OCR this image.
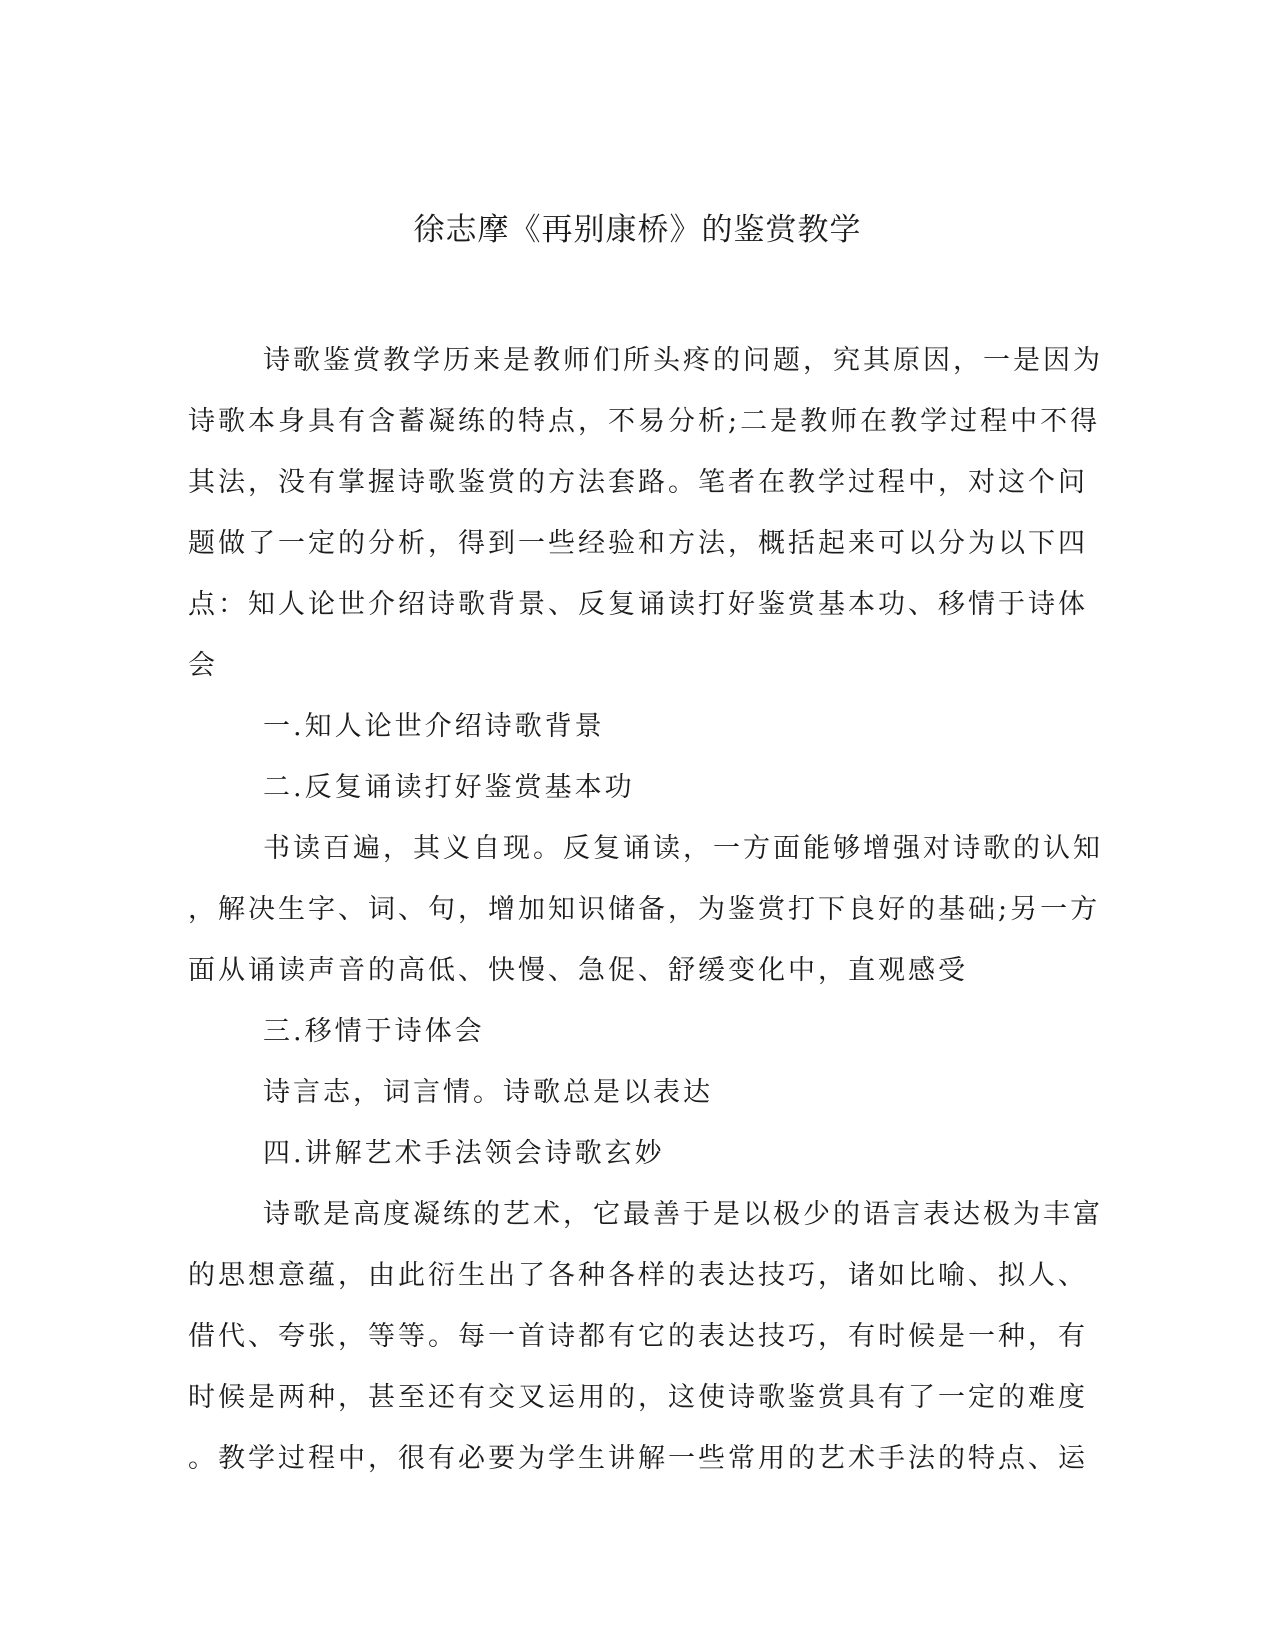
徐志摩《再别康桥》的鉴赏教学
诗歌鉴赏教学历来是教师们所头疼的问题，究其原因，一是因为
诗歌本身具有含蓄凝练的特点，不易分析;二是教师在教学过程中不得
其法，没有掌握诗歌鉴赏的方法套路。笔者在教学过程中，对这个问
题做了一定的分析，得到一些经验和方法，概括起来可以分为以下四
点：知人论世介绍诗歌背景、反复诵读打好鉴赏基本功、移情于诗体
会
一.知人论世介绍诗歌背景
二.反复诵读打好鉴赏基本功
书读百遍，其义自现。反复诵读，一方面能够增强对诗歌的认知
，解决生字、词、句，增加知识储备，为鉴赏打下良好的基础;另一方
面从诵读声音的高低、快慢、急促、舒缓变化中，直观感受
三.移情于诗体会
诗言志，词言情。诗歌总是以表达
四.讲解艺术手法领会诗歌玄妙
诗歌是高度凝练的艺术，它最善于是以极少的语言表达极为丰富
的思想意蕴，由此衍生出了各种各样的表达技巧，诸如比喻、拟人、
借代、夸张，等等。每一首诗都有它的表达技巧，有时候是一种，有
时候是两种，甚至还有交叉运用的，这使诗歌鉴赏具有了一定的难度
。教学过程中，很有必要为学生讲解一些常用的艺术手法的特点、运
